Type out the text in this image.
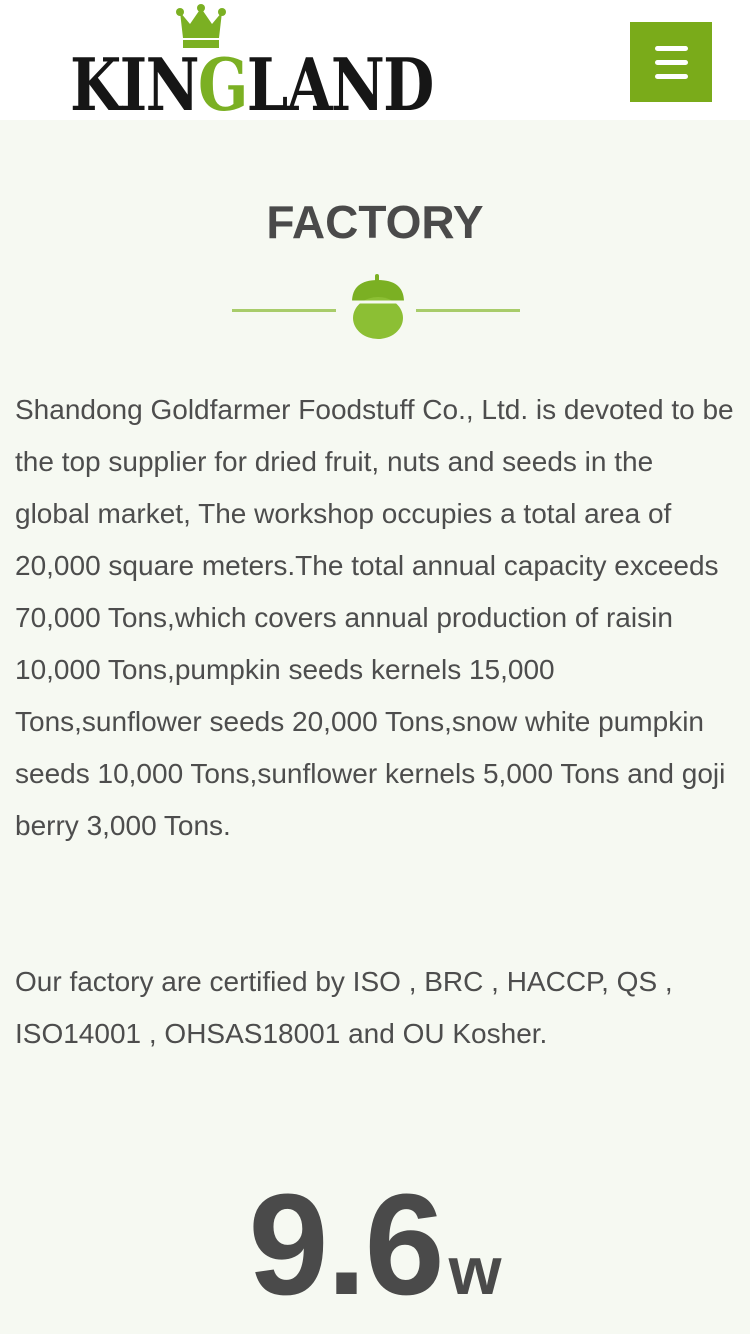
KINGLAND
FACTORY

Shandong Goldfarmer Foodstuff Co., Ltd. is devoted to be the top supplier for dried fruit, nuts and seeds in the global market, The workshop occupies a total area of 20,000 square meters.The total annual capacity exceeds 70,000 Tons,which covers annual production of raisin 10,000 Tons,pumpkin seeds kernels 15,000 Tons,sunflower seeds 20,000 Tons,snow white pumpkin seeds 10,000 Tons,sunflower kernels 5,000 Tons and goji berry 3,000 Tons.

Our factory are certified by ISO , BRC , HACCP, QS , ISO14001 , OHSAS18001 and OU Kosher.

9.6w
